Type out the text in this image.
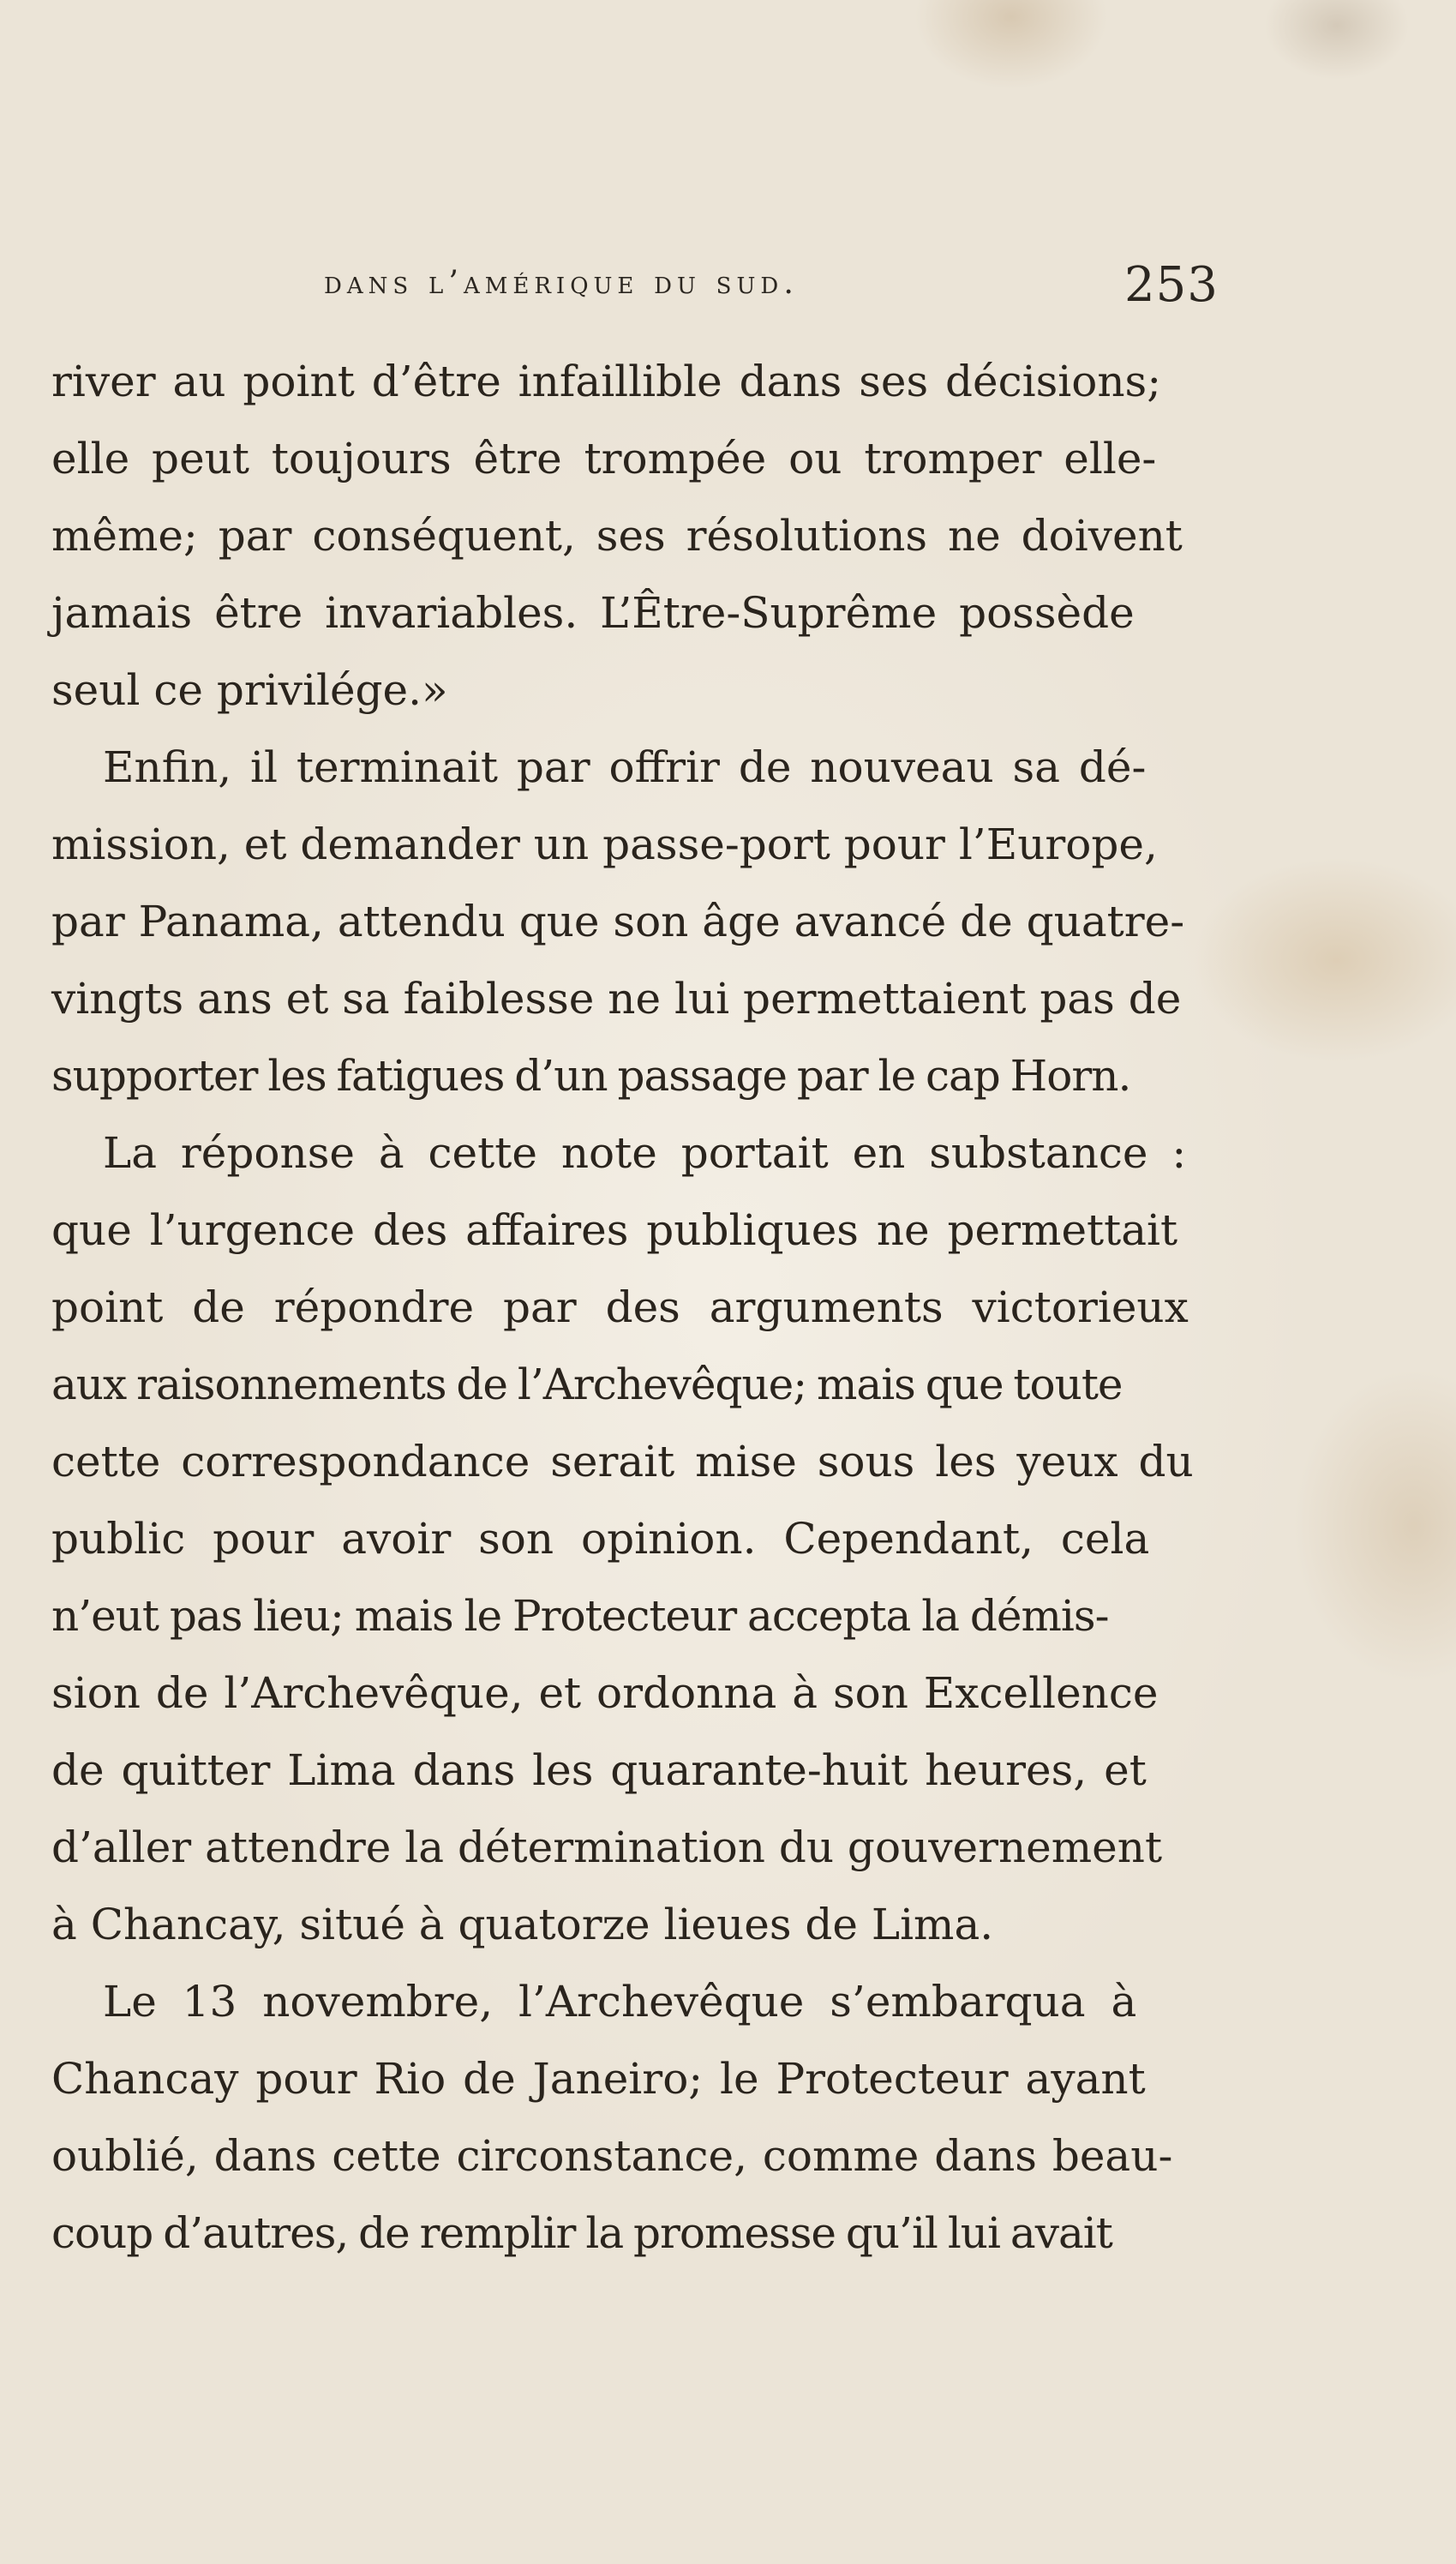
dans l’amérique du sud.	253
river au point d’être infaillible dans ses décisions;
elle peut toujours être trompée ou tromper elle-
même; par conséquent, ses résolutions ne doivent
jamais être invariables. L’Être-Suprême possède
seul ce privilége.»
Enfin, il terminait par offrir de nouveau sa dé-
mission, et demander un passe-port pour l’Europe,
par Panama, attendu que son âge avancé de quatre-
vingts ans et sa faiblesse ne lui permettaient pas de
supporter les fatigues d’un passage par le cap Horn.
La réponse à cette note portait en substance :
que l’urgence des affaires publiques ne permettait
point de répondre par des arguments victorieux
aux raisonnements de l’Archevêque; mais que toute
cette correspondance serait mise sous les yeux du
public pour avoir son opinion. Cependant, cela
n’eut pas lieu; mais le Protecteur accepta la démis-
sion de l’Archevêque, et ordonna à son Excellence
de quitter Lima dans les quarante-huit heures, et
d’aller attendre la détermination du gouvernement
à Chancay, situé à quatorze lieues de Lima.
Le 13 novembre, l’Archevêque s’embarqua à
Chancay pour Rio de Janeiro; le Protecteur ayant
oublié, dans cette circonstance, comme dans beau-
coup d’autres, de remplir la promesse qu’il lui avait
